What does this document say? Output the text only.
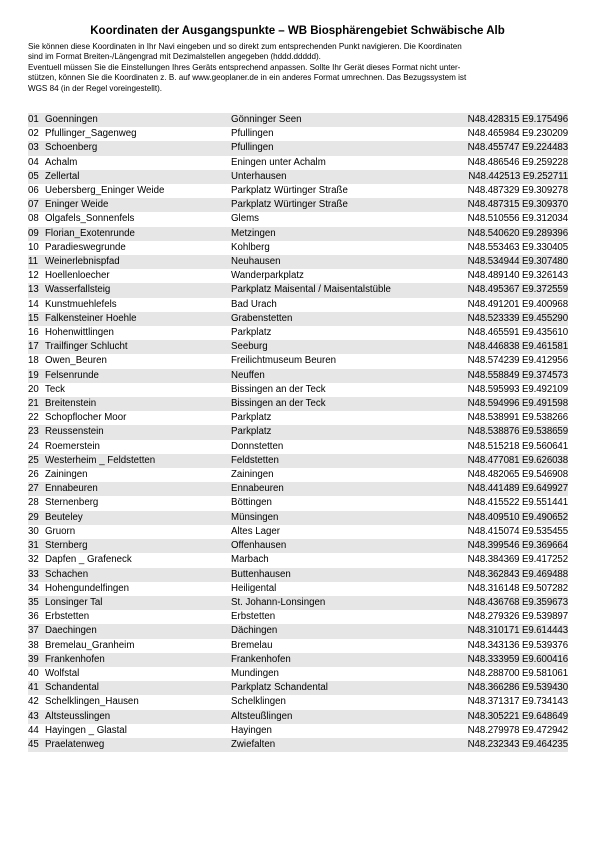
Koordinaten der Ausgangspunkte – WB Biosphärengebiet Schwäbische Alb
Sie können diese Koordinaten in Ihr Navi eingeben und so direkt zum entsprechenden Punkt navigieren. Die Koordinaten
sind im Format Breiten-/Längengrad mit Dezimalstellen angegeben (hddd.ddddd).
Eventuell müssen Sie die Einstellungen Ihres Geräts entsprechend anpassen. Sollte Ihr Gerät dieses Format nicht unter-
stützen, können Sie die Koordinaten z. B. auf www.geoplaner.de in ein anderes Format umrechnen. Das Bezugssystem ist
WGS 84 (in der Regel voreingestellt).
01	Goenningen	Gönninger Seen	N48.428315 E9.175496
02	Pfullinger_Sagenweg	Pfullingen	N48.465984 E9.230209
03	Schoenberg	Pfullingen	N48.455747 E9.224483
04	Achalm	Eningen unter Achalm	N48.486546 E9.259228
05	Zellertal	Unterhausen	N48.442513 E9.252711
06	Uebersberg_Eninger Weide	Parkplatz Würtinger Straße	N48.487329 E9.309278
07	Eninger Weide	Parkplatz Würtinger Straße	N48.487315 E9.309370
08	Olgafels_Sonnenfels	Glems	N48.510556 E9.312034
09	Florian_Exotenrunde	Metzingen	N48.540620 E9.289396
10	Paradieswegrunde	Kohlberg	N48.553463 E9.330405
11	Weinerlebnispfad	Neuhausen	N48.534944 E9.307480
12	Hoellenloecher	Wanderparkplatz	N48.489140 E9.326143
13	Wasserfallsteig	Parkplatz Maisental / Maisentalstüble	N48.495367 E9.372559
14	Kunstmuehlefels	Bad Urach	N48.491201 E9.400968
15	Falkensteiner Hoehle	Grabenstetten	N48.523339 E9.455290
16	Hohenwittlingen	Parkplatz	N48.465591 E9.435610
17	Trailfinger Schlucht	Seeburg	N48.446838 E9.461581
18	Owen_Beuren	Freilichtmuseum Beuren	N48.574239 E9.412956
19	Felsenrunde	Neuffen	N48.558849 E9.374573
20	Teck	Bissingen an der Teck	N48.595993 E9.492109
21	Breitenstein	Bissingen an der Teck	N48.594996 E9.491598
22	Schopflocher Moor	Parkplatz	N48.538991 E9.538266
23	Reussenstein	Parkplatz	N48.538876 E9.538659
24	Roemerstein	Donnstetten	N48.515218 E9.560641
25	Westerheim _ Feldstetten	Feldstetten	N48.477081 E9.626038
26	Zainingen	Zainingen	N48.482065 E9.546908
27	Ennabeuren	Ennabeuren	N48.441489 E9.649927
28	Sternenberg	Böttingen	N48.415522 E9.551441
29	Beuteley	Münsingen	N48.409510 E9.490652
30	Gruorn	Altes Lager	N48.415074 E9.535455
31	Sternberg	Offenhausen	N48.399546 E9.369664
32	Dapfen _ Grafeneck	Marbach	N48.384369 E9.417252
33	Schachen	Buttenhausen	N48.362843 E9.469488
34	Hohengundelfingen	Heiligental	N48.316148 E9.507282
35	Lonsinger Tal	St. Johann-Lonsingen	N48.436768 E9.359673
36	Erbstetten	Erbstetten	N48.279326 E9.539897
37	Daechingen	Dächingen	N48.310171 E9.614443
38	Bremelau_Granheim	Bremelau	N48.343136 E9.539376
39	Frankenhofen	Frankenhofen	N48.333959 E9.600416
40	Wolfstal	Mundingen	N48.288700 E9.581061
41	Schandental	Parkplatz Schandental	N48.366286 E9.539430
42	Schelklingen_Hausen	Schelklingen	N48.371317 E9.734143
43	Altsteusslingen	Altsteußlingen	N48.305221 E9.648649
44	Hayingen _ Glastal	Hayingen	N48.279978 E9.472942
45	Praelatenweg	Zwiefalten	N48.232343 E9.464235
